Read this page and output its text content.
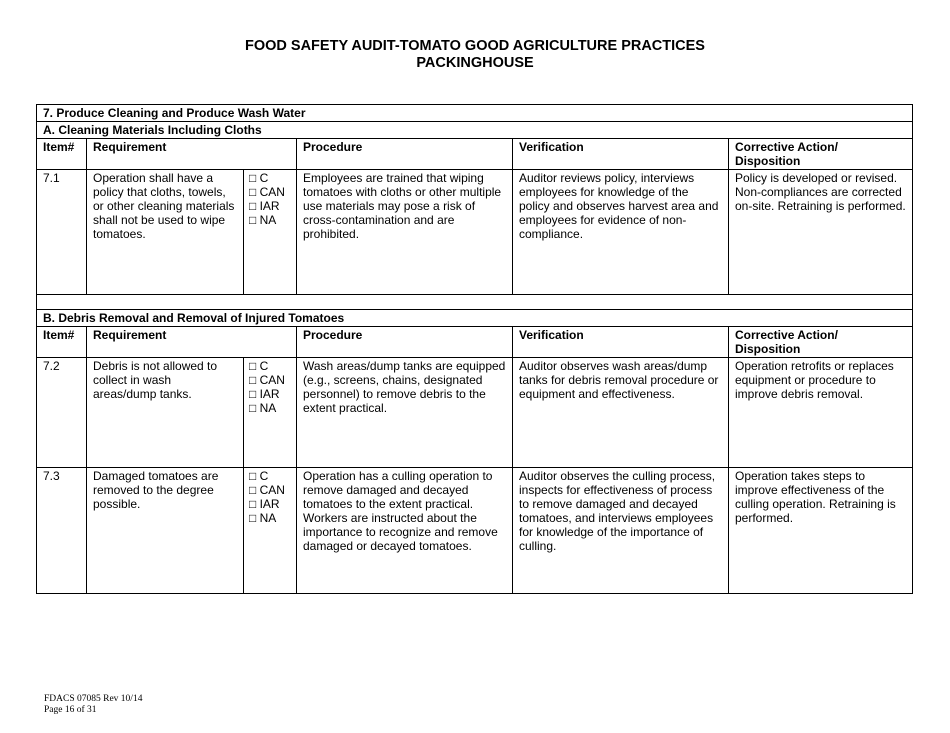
FOOD SAFETY AUDIT-TOMATO GOOD AGRICULTURE PRACTICES
PACKINGHOUSE
7. Produce Cleaning and Produce Wash Water					
A. Cleaning Materials Including Cloths					
Item#	Requirement		Procedure	Verification	Corrective Action/
Disposition

7.1	Operation shall have a policy that cloths, towels, or other cleaning materials shall not be used to wipe tomatoes.	□ C
□ CAN
□ IAR
□ NA	Employees are trained that wiping tomatoes with cloths or other multiple use materials may pose a risk of cross-contamination and are prohibited.	Auditor reviews policy, interviews employees for knowledge of the policy and observes harvest area and employees for evidence of non-compliance.	Policy is developed or revised. Non-compliances are corrected on-site. Retraining is performed.

B. Debris Removal and Removal of Injured Tomatoes					
Item#	Requirement		Procedure	Verification	Corrective Action/
Disposition

7.2	Debris is not allowed to collect in wash areas/dump tanks.	□ C
□ CAN
□ IAR
□ NA	Wash areas/dump tanks are equipped (e.g., screens, chains, designated personnel) to remove debris to the extent practical.	Auditor observes wash areas/dump tanks for debris removal procedure or equipment and effectiveness.	Operation retrofits or replaces equipment or procedure to improve debris removal.
7.3	Damaged tomatoes are removed to the degree possible.	□ C
□ CAN
□ IAR
□ NA	Operation has a culling operation to remove damaged and decayed tomatoes to the extent practical. Workers are instructed about the importance to recognize and remove damaged or decayed tomatoes.	Auditor observes the culling process, inspects for effectiveness of process to remove damaged and decayed tomatoes, and interviews employees for knowledge of the importance of culling.	Operation takes steps to improve effectiveness of the culling operation. Retraining is performed.
FDACS 07085 Rev 10/14
Page 16 of 31
